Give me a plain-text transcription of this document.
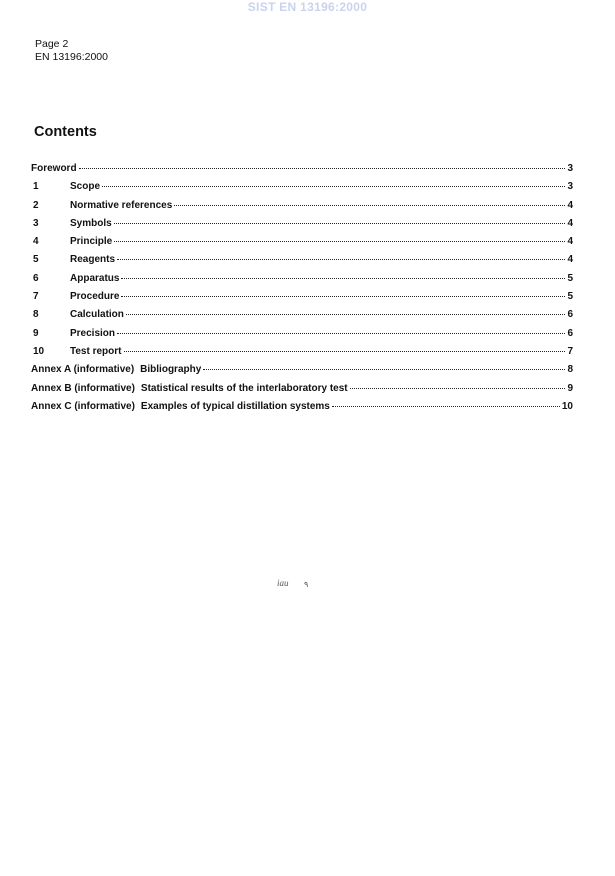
SIST EN 13196:2000
Page 2
EN 13196:2000
Contents
Foreword	3
1	Scope	3
2	Normative references	4
3	Symbols	4
4	Principle	4
5	Reagents	4
6	Apparatus	5
7	Procedure	5
8	Calculation	6
9	Precision	6
10	Test report	7
Annex A (informative) Bibliography	8
Annex B (informative) Statistical results of the interlaboratory test	9
Annex C (informative) Examples of typical distillation systems	10
iau ٩
